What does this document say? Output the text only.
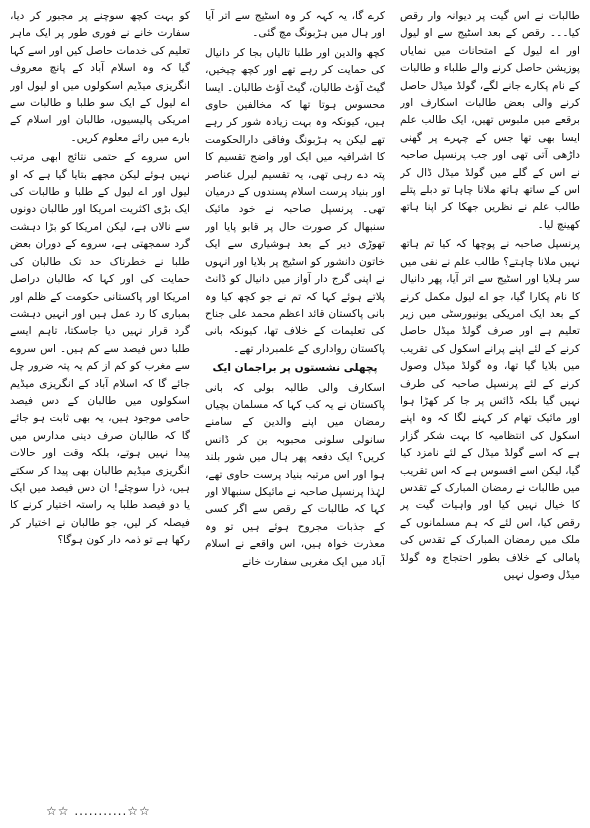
طالبات نے اس گیت پر دیوانہ وار رقص کیا۔۔۔ رقص کے بعد اسٹیج سے او لیول اور اے لیول کے امتحانات میں نمایاں پوزیشن حاصل کرنے والے طلباء و طالبات کے نام پکارے جانے لگے، گولڈ میڈل حاصل کرنے والی بعض طالبات اسکارف اور برقعے میں ملبوس تھیں، ایک طالب علم ایسا بھی تھا جس کے چہرے پر گھنی داڑھی آتی تھی اور جب پرنسپل صاحبہ نے اس کے گلے میں گولڈ میڈل ڈال کر اس کے ساتھ ہاتھ ملانا چاہا تو دبلے پتلے طالب علم نے نظریں جھکا کر اپنا ہاتھ کھینچ لیا۔

پرنسپل صاحبہ نے پوچھا کہ کیا تم ہاتھ نہیں ملانا چاہتے؟ طالب علم نے نفی میں سر ہلایا اور اسٹیج سے اتر آیا، پھر دانیال کا نام پکارا گیا، جو اے لیول مکمل کرنے کے بعد ایک امریکی یونیورسٹی میں زیر تعلیم ہے اور صرف گولڈ میڈل حاصل کرنے کے لئے اپنے پرانے اسکول کی تقریب میں بلایا گیا تھا، وہ گولڈ میڈل وصول کرنے کے لئے پرنسپل صاحبہ کی طرف نہیں گیا بلکہ ڈائس پر جا کر کھڑا ہوا اور مائیک تھام کر کہنے لگا کہ وہ اپنے اسکول کی انتظامیہ کا بہت شکر گزار ہے کہ اسے گولڈ میڈل کے لئے نامزد کیا گیا، لیکن اسے افسوس ہے کہ اس تقریب میں طالبات نے رمضان المبارک کے تقدس کا خیال نہیں کیا اور واہیات گیت پر رقص کیا، اس لئے کہ ہم مسلمانوں کے ملک میں رمضان المبارک کے تقدس کی پامالی کے خلاف بطور احتجاج وہ گولڈ میڈل وصول نہیں

کرے گا، یہ کہہ کر وہ اسٹیج سے اتر آیا اور ہال میں ہڑبونگ مچ گئی۔

کچھ والدین اور طلبا تالیاں بجا کر دانیال کی حمایت کر رہے تھے اور کچھ چیخیں، گیٹ آؤٹ طالبان، گیٹ آؤٹ طالبان۔ ایسا محسوس ہوتا تھا کہ مخالفین حاوی ہیں، کیونکہ وہ بہت زیادہ شور کر رہے تھے لیکن یہ ہڑبونگ وفاقی دارالحکومت کا اشرافیہ میں ایک اور واضح تقسیم کا پتہ دے رہی تھی، یہ تقسیم لبرل عناصر اور بنیاد پرست اسلام پسندوں کے درمیان تھی۔ پرنسپل صاحبہ نے خود مائیک سنبھال کر صورت حال پر قابو پایا اور تھوڑی دیر کے بعد ہوشیاری سے ایک خاتون دانشور کو اسٹیج پر بلایا اور انہوں نے اپنی گرج دار آواز میں دانیال کو ڈانٹ پلاتے ہوئے کہا کہ تم نے جو کچھ کیا وہ بانی پاکستان قائد اعظم محمد علی جناح کی تعلیمات کے خلاف تھا، کیونکہ بانی پاکستان رواداری کے علمبردار تھے۔

پچھلی نشستوں پر براجمان ایک

اسکارف والی طالبہ بولی کہ بانی پاکستان نے یہ کب کہا کہ مسلمان بچیاں رمضان میں اپنے والدین کے سامنے سانولی سلونی محبوبہ بن کر ڈانس کریں؟ ایک دفعہ پھر ہال میں شور بلند ہوا اور اس مرتبہ بنیاد پرست حاوی تھے، لہٰذا پرنسپل صاحبہ نے مائیکل سنبھالا اور کہا کہ طالبات کے رقص سے اگر کسی کے جذبات مجروح ہوئے ہیں تو وہ معذرت خواہ ہیں، اس واقعے نے اسلام آباد میں ایک مغربی سفارت خانے

کو بہت کچھ سوچنے پر مجبور کر دیا، سفارت خانے نے فوری طور پر ایک ماہر تعلیم کی خدمات حاصل کیں اور اسے کہا گیا کہ وہ اسلام آباد کے پانچ معروف انگریزی میڈیم اسکولوں میں او لیول اور اے لیول کے ایک سو طلبا و طالبات سے امریکی پالیسیوں، طالبان اور اسلام کے بارے میں رائے معلوم کریں۔

اس سروے کے حتمی نتائج ابھی مرتب نہیں ہوئے لیکن مجھے بتایا گیا ہے کہ او لیول اور اے لیول کے طلبا و طالبات کی ایک بڑی اکثریت امریکا اور طالبان دونوں سے نالاں ہے، لیکن امریکا کو بڑا دہشت گرد سمجھتی ہے، سروے کے دوران بعض طلبا نے خطرناک حد تک طالبان کی حمایت کی اور کہا کہ طالبان دراصل امریکا اور پاکستانی حکومت کے ظلم اور بمباری کا رد عمل ہیں اور انہیں دہشت گرد قرار نہیں دیا جاسکتا، تاہم ایسے طلبا دس فیصد سے کم ہیں۔ اس سروے سے مغرب کو کم از کم یہ پتہ ضرور چل جائے گا کہ اسلام آباد کے انگریزی میڈیم اسکولوں میں طالبان کے دس فیصد حامی موجود ہیں، یہ بھی ثابت ہو جائے گا کہ طالبان صرف دینی مدارس میں پیدا نہیں ہوتے، بلکہ وقت اور حالات انگریزی میڈیم طالبان بھی پیدا کر سکتے ہیں، ذرا سوچئے! ان دس فیصد میں ایک یا دو فیصد طلبا یہ راستہ اختیار کرنے کا فیصلہ کر لیں، جو طالبان نے اختیار کر رکھا ہے تو ذمہ دار کون ہوگا؟

☆☆ ...........☆☆
